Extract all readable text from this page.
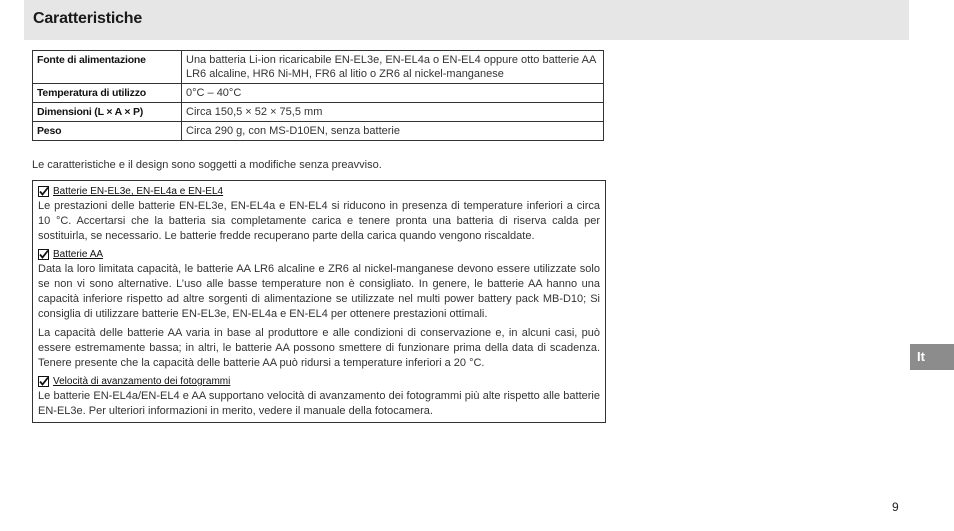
Caratteristiche
Fonte di alimentazione	Una batteria Li-ion ricaricabile EN-EL3e, EN-EL4a o EN-EL4 oppure otto batterie AA LR6 alcaline, HR6 Ni-MH, FR6 al litio o ZR6 al nickel-manganese
Temperatura di utilizzo	0°C – 40°C
Dimensioni (L × A × P)	Circa 150,5 × 52 × 75,5 mm
Peso	Circa 290 g, con MS-D10EN, senza batterie

Le caratteristiche e il design sono soggetti a modifiche senza preavviso.

Batterie EN-EL3e, EN-EL4a e EN-EL4

Le prestazioni delle batterie EN-EL3e, EN-EL4a e EN-EL4 si riducono in presenza di temperature inferiori a circa 10 °C. Accertarsi che la batteria sia completamente carica e tenere pronta una batteria di riserva calda per sostituirla, se necessario. Le batterie fredde recuperano parte della carica quando vengono riscaldate.

Batterie AA

Data la loro limitata capacità, le batterie AA LR6 alcaline e ZR6 al nickel-manganese devono essere utilizzate solo se non vi sono alternative. L’uso alle basse temperature non è consigliato. In genere, le batterie AA hanno una capacità inferiore rispetto ad altre sorgenti di alimentazione se utilizzate nel multi power battery pack MB-D10; Si consiglia di utilizzare batterie EN-EL3e, EN-EL4a e EN-EL4 per ottenere prestazioni ottimali.

La capacità delle batterie AA varia in base al produttore e alle condizioni di conservazione e, in alcuni casi, può essere estremamente bassa; in altri, le batterie AA possono smettere di funzionare prima della data di scadenza. Tenere presente che la capacità delle batterie AA può ridursi a temperature inferiori a 20 °C.

Velocità di avanzamento dei fotogrammi

Le batterie EN-EL4a/EN-EL4 e AA supportano velocità di avanzamento dei fotogrammi più alte rispetto alle batterie EN-EL3e. Per ulteriori informazioni in merito, vedere il manuale della fotocamera.

It
9
